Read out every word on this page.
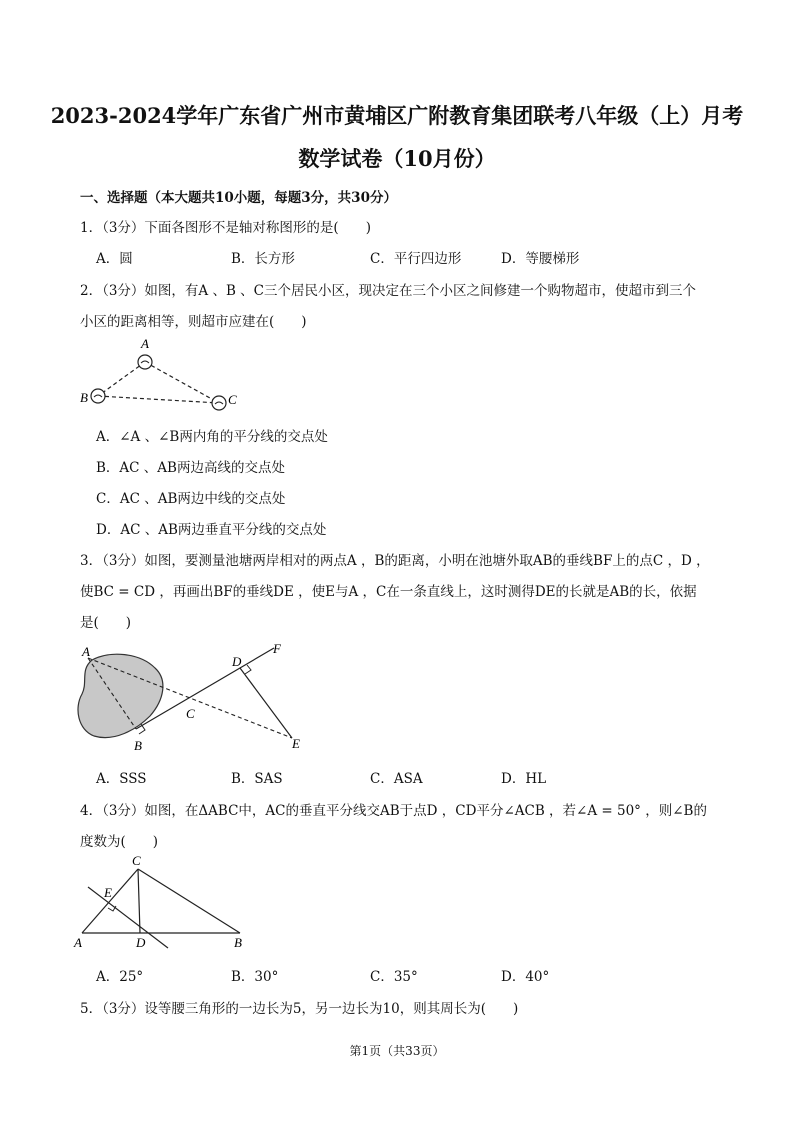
2023-2024学年广东省广州市黄埔区广附教育集团联考八年级（上）月考
数学试卷（10月份）
一、选择题（本大题共10小题，每题3分，共30分）
1．（3分）下面各图形不是轴对称图形的是(　　)
A．圆	B．长方形	C．平行四边形	D．等腰梯形
2．（3分）如图，有A 、B 、C三个居民小区，现决定在三个小区之间修建一个购物超市，使超市到三个
小区的距离相等，则超市应建在(　　)
A
B	C
A．∠A 、∠B两内角的平分线的交点处
B．AC 、AB两边高线的交点处
C．AC 、AB两边中线的交点处
D．AC 、AB两边垂直平分线的交点处
3．（3分）如图，要测量池塘两岸相对的两点A ，B的距离，小明在池塘外取AB的垂线BF上的点C ，D ，
使BC = CD ，再画出BF的垂线DE ，使E与A ，C在一条直线上，这时测得DE的长就是AB的长，依据
是(　　)
A
B
C
D
E
F
A．SSS	B．SAS	C．ASA	D．HL
4．（3分）如图，在ΔABC中，AC的垂直平分线交AB于点D ，CD平分∠ACB ，若∠A = 50° ，则∠B的
度数为(　　)
C
E
A	D	B
A．25°	B．30°	C．35°	D．40°
5．（3分）设等腰三角形的一边长为5，另一边长为10，则其周长为(　　)
第1页（共33页）
